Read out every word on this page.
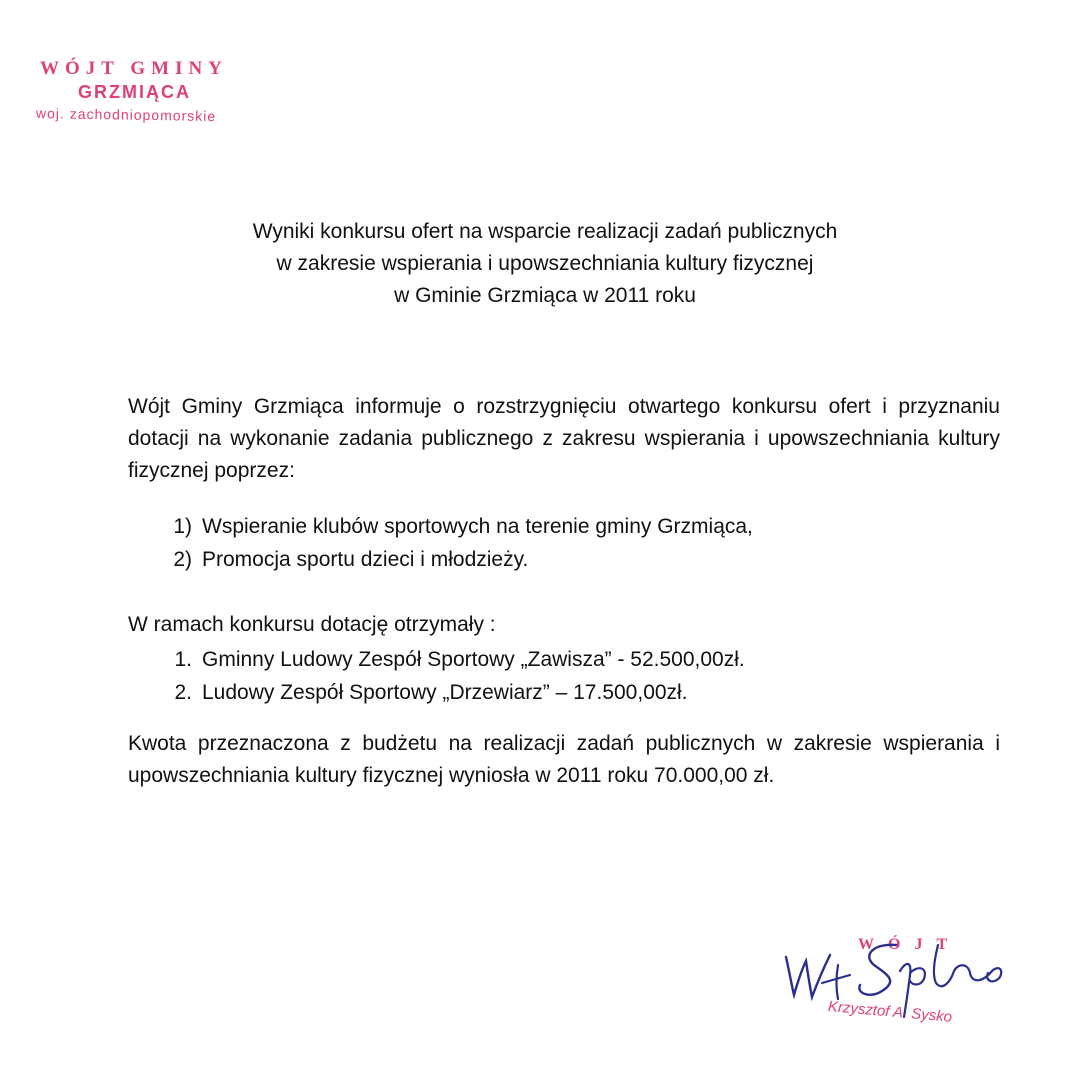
WÓJT GMINY
GRZMIĄCA
woj. zachodniopomorskie
Wyniki konkursu ofert na wsparcie realizacji zadań publicznych
w zakresie wspierania i upowszechniania kultury fizycznej
w Gminie Grzmiąca w 2011 roku
Wójt Gminy Grzmiąca informuje o rozstrzygnięciu otwartego konkursu ofert i przyznaniu dotacji na wykonanie zadania publicznego z zakresu wspierania i upowszechniania kultury fizycznej poprzez:
1) Wspieranie klubów sportowych na terenie gminy Grzmiąca,
2) Promocja sportu dzieci i młodzieży.
W ramach konkursu dotację otrzymały :
1. Gminny Ludowy Zespół Sportowy „Zawisza” - 52.500,00zł.
2. Ludowy Zespół Sportowy „Drzewiarz” – 17.500,00zł.
Kwota przeznaczona z budżetu na realizacji zadań publicznych w zakresie wspierania i upowszechniania kultury fizycznej wyniosła w 2011 roku 70.000,00 zł.
WÓJT
Krzysztof A. Sysko
